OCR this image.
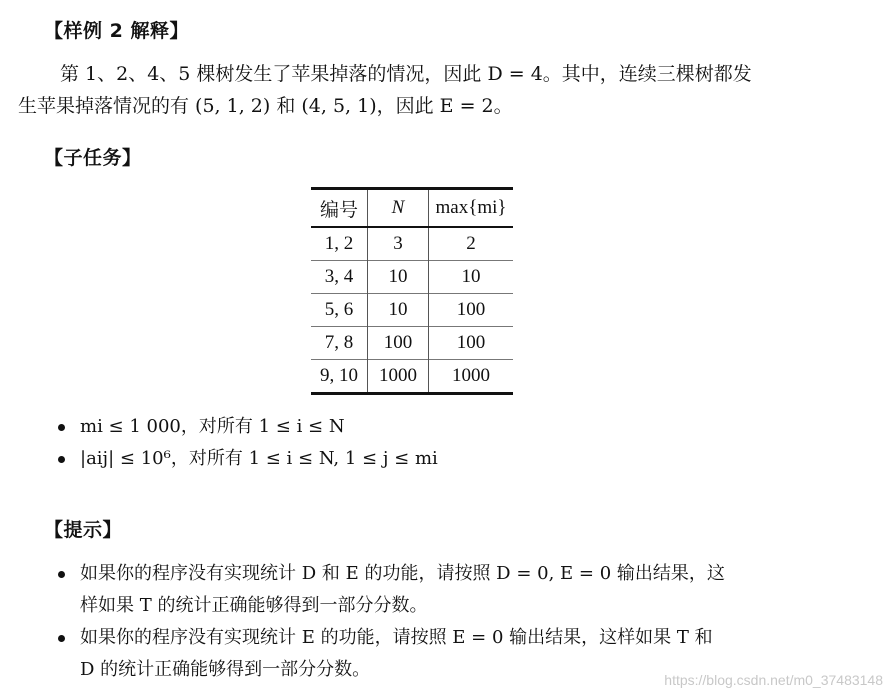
【样例 2 解释】
第 1、2、4、5 棵树发生了苹果掉落的情况，因此 D = 4。其中，连续三棵树都发
生苹果掉落情况的有 (5, 1, 2) 和 (4, 5, 1)，因此 E = 2。
【子任务】
编号	N	max{mi}
1, 2	3	2
3, 4	10	10
5, 6	10	100
7, 8	100	100
9, 10	1000	1000
mi ≤ 1 000，对所有 1 ≤ i ≤ N
|aij| ≤ 10⁶，对所有 1 ≤ i ≤ N, 1 ≤ j ≤ mi
【提示】
如果你的程序没有实现统计 D 和 E 的功能，请按照 D = 0, E = 0 输出结果，这
样如果 T 的统计正确能够得到一部分分数。
如果你的程序没有实现统计 E 的功能，请按照 E = 0 输出结果，这样如果 T 和
D 的统计正确能够得到一部分分数。	https://blog.csdn.net/m0_37483148
